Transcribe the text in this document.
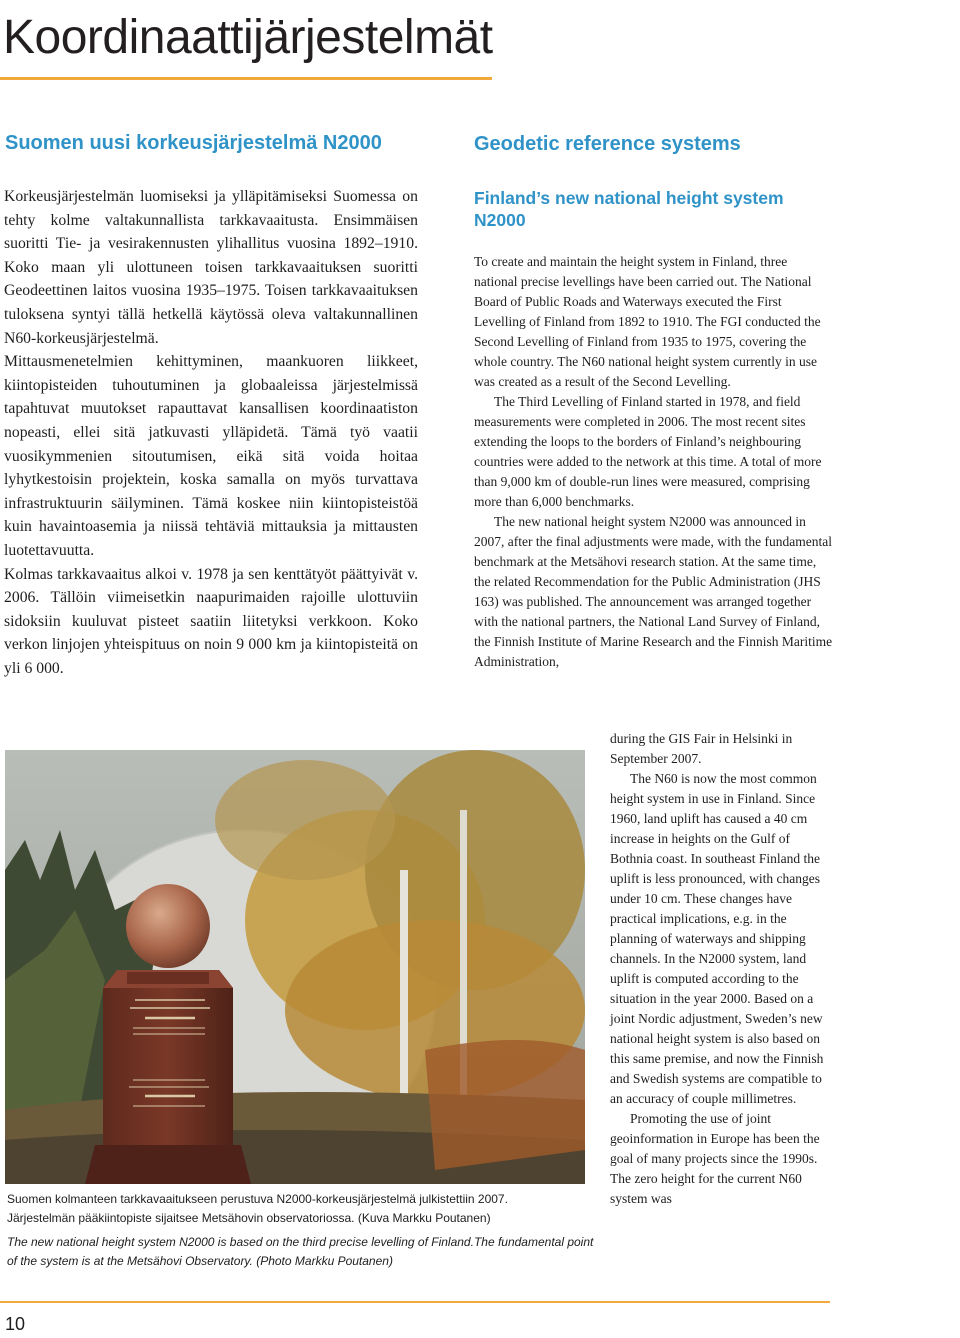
Koordinaattijärjestelmät
Suomen uusi korkeusjärjestelmä N2000	Geodetic reference systems

Korkeusjärjestelmän luomiseksi ja ylläpitämiseksi Suomessa on tehty kolme valtakunnallista tarkkavaaitusta. Ensimmäisen suoritti Tie- ja vesirakennusten ylihallitus vuosina 1892–1910. Koko maan yli ulottuneen toisen tarkkavaaituksen suoritti Geodeettinen laitos vuosina 1935–1975. Toisen tarkkavaaituksen tuloksena syntyi tällä hetkellä käytössä oleva valtakunnallinen N60-korkeusjärjestelmä.

Mittausmenetelmien kehittyminen, maankuoren liikkeet, kiintopisteiden tuhoutuminen ja globaaleissa järjestelmissä tapahtuvat muutokset rapauttavat kansallisen koordinaatiston nopeasti, ellei sitä jatkuvasti ylläpidetä. Tämä työ vaatii vuosikymmenien sitoutumisen, eikä sitä voida hoitaa lyhytkestoisin projektein, koska samalla on myös turvattava infrastruktuurin säilyminen. Tämä koskee niin kiintopisteistöä kuin havaintoasemia ja niissä tehtäviä mittauksia ja mittausten luotettavuutta.

Kolmas tarkkavaaitus alkoi v. 1978 ja sen kenttätyöt päättyivät v. 2006. Tällöin viimeisetkin naapurimaiden rajoille ulottuviin sidoksiin kuuluvat pisteet saatiin liitetyksi verkkoon. Koko verkon linjojen yhteispituus on noin 9 000 km ja kiintopisteitä on yli 6 000.

Finland’s new national height system N2000

To create and maintain the height system in Finland, three national precise levellings have been carried out. The National Board of Public Roads and Waterways executed the First Levelling of Finland from 1892 to 1910. The FGI conducted the Second Levelling of Finland from 1935 to 1975, covering the whole country. The N60 national height system currently in use was created as a result of the Second Levelling.

The Third Levelling of Finland started in 1978, and field measurements were completed in 2006. The most recent sites extending the loops to the borders of Finland’s neighbouring countries were added to the network at this time. A total of more than 9,000 km of double-run lines were measured, comprising more than 6,000 benchmarks.

The new national height system N2000 was announced in 2007, after the final adjustments were made, with the fundamental benchmark at the Metsähovi research station. At the same time, the related Recommendation for the Public Administration (JHS 163) was published. The announcement was arranged together with the national partners, the National Land Survey of Finland, the Finnish Institute of Marine Research and the Finnish Maritime Administration,

during the GIS Fair in Helsinki in September 2007.

The N60 is now the most common height system in use in Finland. Since 1960, land uplift has caused a 40 cm increase in heights on the Gulf of Bothnia coast. In southeast Finland the uplift is less pronounced, with changes under 10 cm. These changes have practical implications, e.g. in the planning of waterways and shipping channels. In the N2000 system, land uplift is computed according to the situation in the year 2000. Based on a joint Nordic adjustment, Sweden’s new national height system is also based on this same premise, and now the Finnish and Swedish systems are compatible to an accuracy of couple millimetres.

Promoting the use of joint geoinformation in Europe has been the goal of many projects since the 1990s. The zero height for the current N60 system was

Suomen kolmanteen tarkkavaaitukseen perustuva N2000-korkeusjärjestelmä julkistettiin 2007.
Järjestelmän pääkiintopiste sijaitsee Metsähovin observatoriossa. (Kuva Markku Poutanen)

The new national height system N2000 is based on the third precise levelling of Finland.The fundamental point of the system is at the Metsähovi Observatory. (Photo Markku Poutanen)

10
